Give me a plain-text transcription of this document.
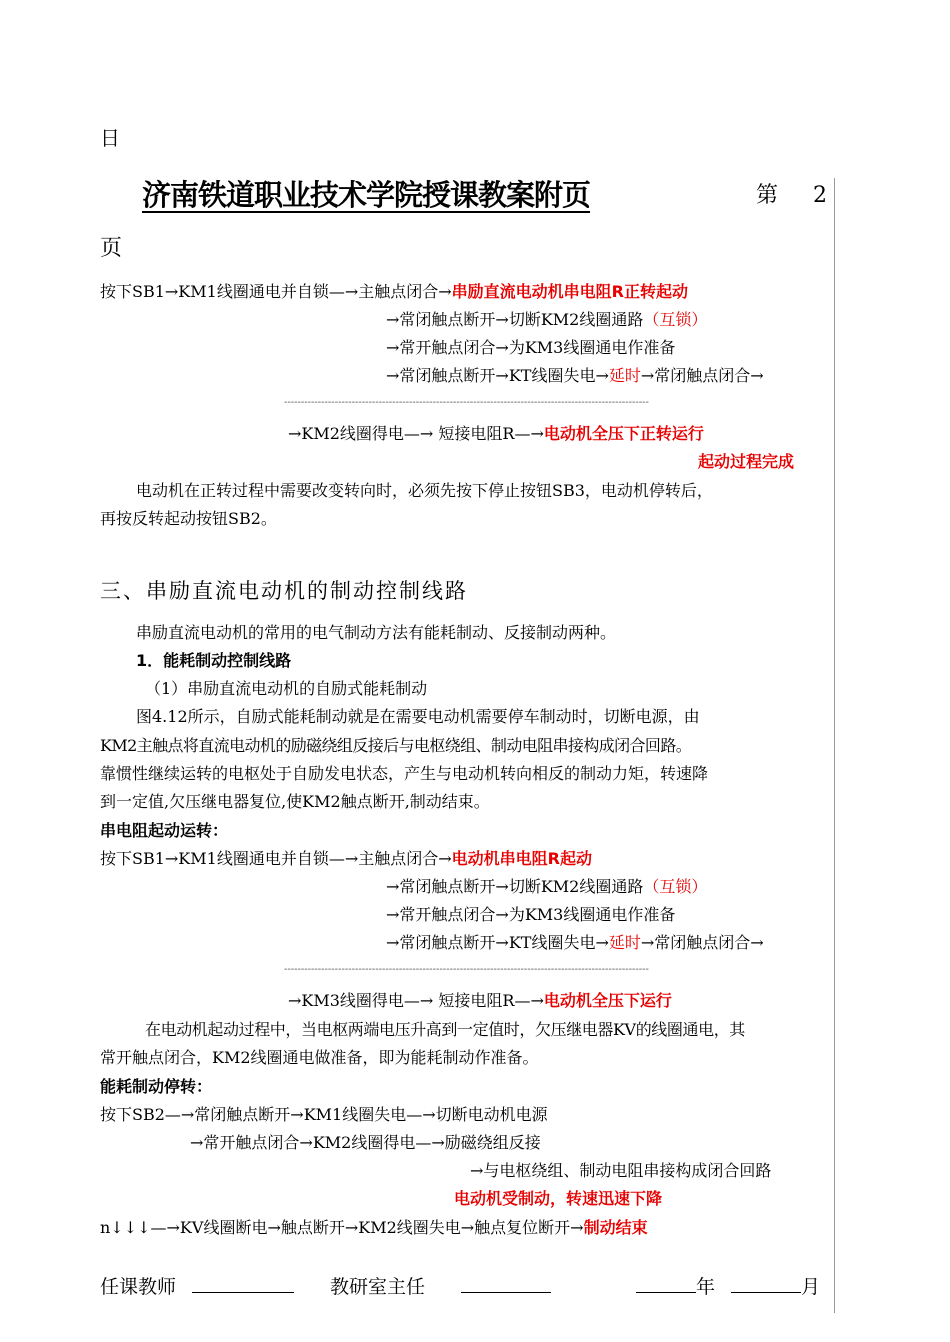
日
济南铁道职业技术学院授课教案附页	第 2
页
按下SB1→KM1线圈通电并自锁—→主触点闭合→串励直流电动机串电阻R正转起动
→常闭触点断开→切断KM2线圈通路（互锁）
→常开触点闭合→为KM3线圈通电作准备
→常闭触点断开→KT线圈失电→延时→常闭触点闭合→
------------------------------------------------------------------------------------------------------------
→KM2线圈得电—→ 短接电阻R—→电动机全压下正转运行
起动过程完成
电动机在正转过程中需要改变转向时，必须先按下停止按钮SB3，电动机停转后，
再按反转起动按钮SB2。
三、串励直流电动机的制动控制线路
串励直流电动机的常用的电气制动方法有能耗制动、反接制动两种。
1．能耗制动控制线路
（1）串励直流电动机的自励式能耗制动
图4.12所示，自励式能耗制动就是在需要电动机需要停车制动时，切断电源，由
KM2主触点将直流电动机的励磁绕组反接后与电枢绕组、制动电阻串接构成闭合回路。
靠惯性继续运转的电枢处于自励发电状态，产生与电动机转向相反的制动力矩，转速降
到一定值,欠压继电器复位,使KM2触点断开,制动结束。
串电阻起动运转：
按下SB1→KM1线圈通电并自锁—→主触点闭合→电动机串电阻R起动
→常闭触点断开→切断KM2线圈通路（互锁）
→常开触点闭合→为KM3线圈通电作准备
→常闭触点断开→KT线圈失电→延时→常闭触点闭合→
------------------------------------------------------------------------------------------------------------
→KM3线圈得电—→ 短接电阻R—→电动机全压下运行
在电动机起动过程中，当电枢两端电压升高到一定值时，欠压继电器KV的线圈通电，其
常开触点闭合，KM2线圈通电做准备，即为能耗制动作准备。
能耗制动停转：
按下SB2—→常闭触点断开→KM1线圈失电—→切断电动机电源
→常开触点闭合→KM2线圈得电—→励磁绕组反接
→与电枢绕组、制动电阻串接构成闭合回路
电动机受制动，转速迅速下降
n↓↓↓—→KV线圈断电→触点断开→KM2线圈失电→触点复位断开→制动结束
任课教师	教研室主任	年	月
